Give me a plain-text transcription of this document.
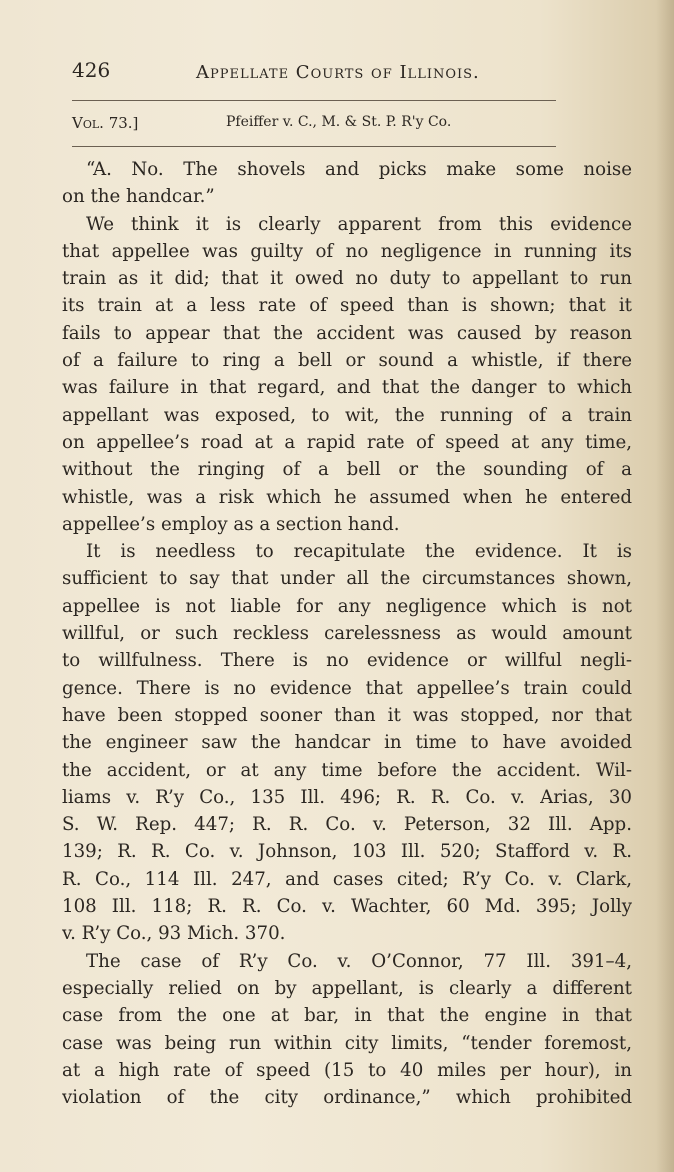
426	Appellate Courts of Illinois.
Vol. 73.]	Pfeiffer v. C., M. & St. P. R'y Co.
“A. No. The shovels and picks make some noise
on the handcar.”
We think it is clearly apparent from this evidence
that appellee was guilty of no negligence in running its
train as it did; that it owed no duty to appellant to run
its train at a less rate of speed than is shown; that it
fails to appear that the accident was caused by reason
of a failure to ring a bell or sound a whistle, if there
was failure in that regard, and that the danger to which
appellant was exposed, to wit, the running of a train
on appellee’s road at a rapid rate of speed at any time,
without the ringing of a bell or the sounding of a
whistle, was a risk which he assumed when he entered
appellee’s employ as a section hand.
It is needless to recapitulate the evidence. It is
sufficient to say that under all the circumstances shown,
appellee is not liable for any negligence which is not
willful, or such reckless carelessness as would amount
to willfulness. There is no evidence or willful negli-
gence. There is no evidence that appellee’s train could
have been stopped sooner than it was stopped, nor that
the engineer saw the handcar in time to have avoided
the accident, or at any time before the accident. Wil-
liams v. R’y Co., 135 Ill. 496; R. R. Co. v. Arias, 30
S. W. Rep. 447; R. R. Co. v. Peterson, 32 Ill. App.
139; R. R. Co. v. Johnson, 103 Ill. 520; Stafford v. R.
R. Co., 114 Ill. 247, and cases cited; R’y Co. v. Clark,
108 Ill. 118; R. R. Co. v. Wachter, 60 Md. 395; Jolly
v. R’y Co., 93 Mich. 370.
The case of R’y Co. v. O’Connor, 77 Ill. 391–4,
especially relied on by appellant, is clearly a different
case from the one at bar, in that the engine in that
case was being run within city limits, “tender foremost,
at a high rate of speed (15 to 40 miles per hour), in
violation of the city ordinance,” which prohibited
